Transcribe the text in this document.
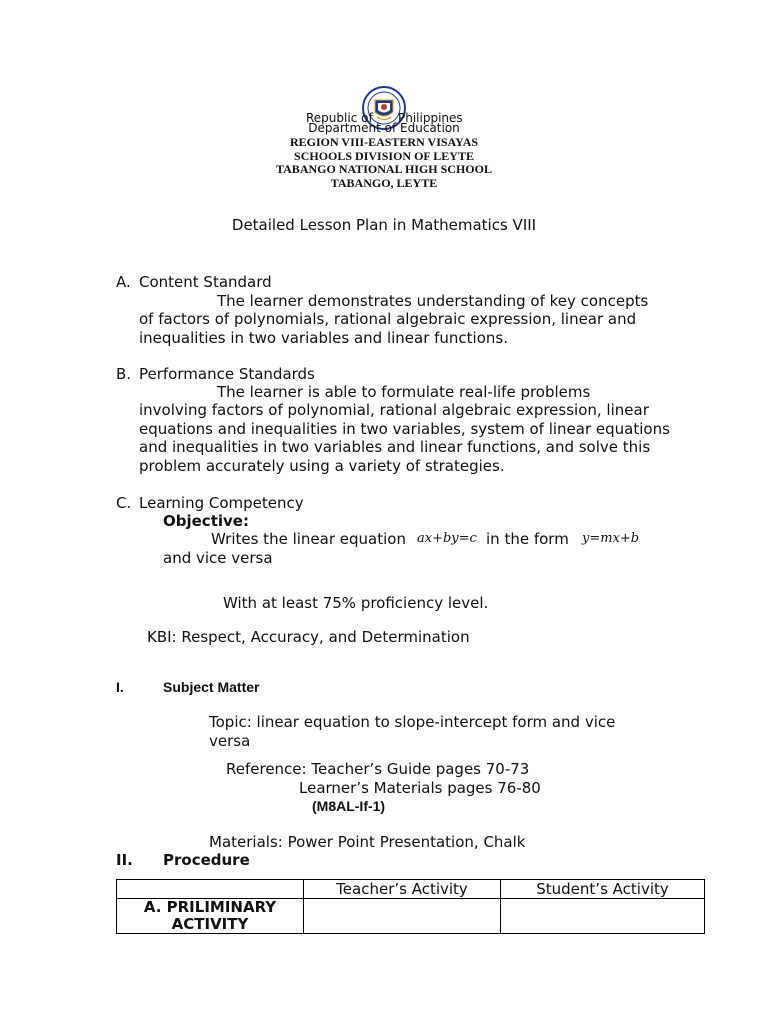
Republic of Philippines
Department of Education
REGION VIII-EASTERN VISAYAS
SCHOOLS DIVISION OF LEYTE
TABANGO NATIONAL HIGH SCHOOL
TABANGO, LEYTE
Detailed Lesson Plan in Mathematics VIII
A. Content Standard
The learner demonstrates understanding of key concepts
of factors of polynomials, rational algebraic expression, linear and inequalities in two variables and linear functions.
B. Performance Standards
The learner is able to formulate real-life problems
involving factors of polynomial, rational algebraic expression, linear equations and inequalities in two variables, system of linear equations and inequalities in two variables and linear functions, and solve this problem accurately using a variety of strategies.
C. Learning Competency
Objective:
Writes the linear equation ax+by=c in the form y=mx+b
and vice versa
With at least 75% proficiency level.
KBI: Respect, Accuracy, and Determination
I.	Subject Matter
Topic: linear equation to slope-intercept form and vice
versa
Reference: Teacher’s Guide pages 70-73
Learner’s Materials pages 76-80
(M8AL-If-1)
Materials: Power Point Presentation, Chalk
II. Procedure
	Teacher’s Activity	Student’s Activity
A. PRILIMINARY ACTIVITY		
